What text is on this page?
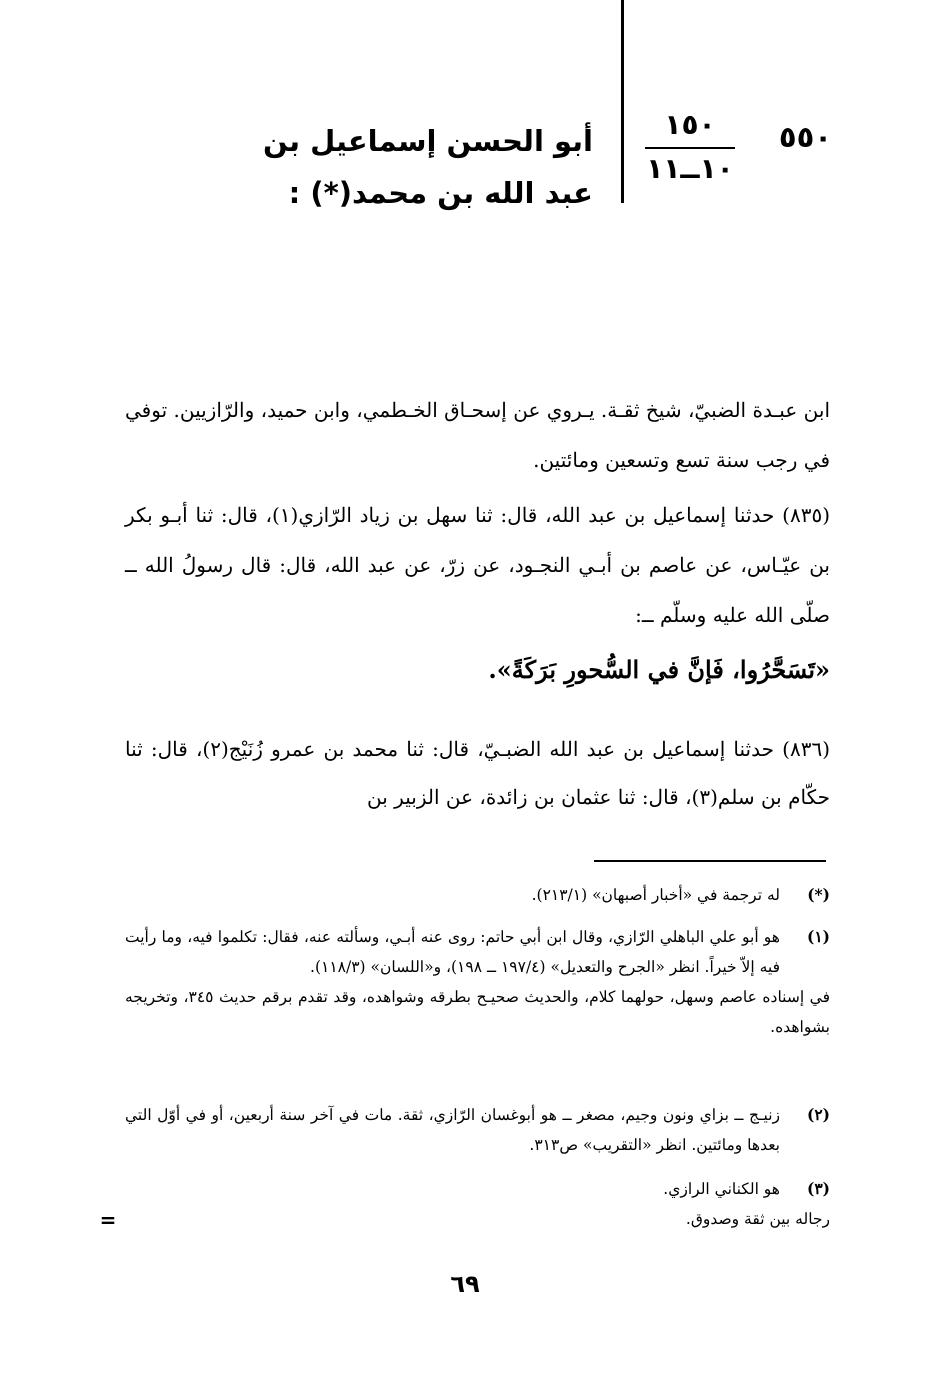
٥٥٠
١٥٠
١٠ــ١١
أبو الحسن إسماعيل بن عبد الله بن محمد(*) :
ابن عبـدة الضبيّ، شيخ ثقـة. يـروي عن إسحـاق الخـطمي، وابن حميد، والرّازيين. توفي في رجب سنة تسع وتسعين ومائتين.
(٨٣٥) حدثنا إسماعيل بن عبد الله، قال: ثنا سهل بن زياد الرّازي(١)، قال: ثنا أبـو بكر بن عيّـاس، عن عاصم بن أبـي النجـود، عن زرّ، عن عبد الله، قال: قال رسولُ الله ــ صلّى الله عليه وسلّم ــ:
«تَسَحَّرُوا، فَإنَّ في السُّحورِ بَرَكَةً».
(٨٣٦) حدثنا إسماعيل بن عبد الله الضبـيّ، قال: ثنا محمد بن عمرو زُنَيْج(٢)، قال: ثنا حكّام بن سلم(٣)، قال: ثنا عثمان بن زائدة، عن الزبير بن
(*)
له ترجمة في «أخبار أصبهان» (٢١٣/١).
(١)
هو أبو علي الباهلي الرّازي، وقال ابن أبي حاتم: روى عنه أبـي، وسألته عنه، فقال: تكلموا فيه، وما رأيت فيه إلاّ خيراً. انظر «الجرح والتعديل» (١٩٧/٤ ــ ١٩٨)، و«اللسان» (١١٨/٣).
في إسناده عاصم وسهل، حولهما كلام، والحديث صحيـح بطرقه وشواهده، وقد تقدم برقم حديث ٣٤٥، وتخريجه بشواهده.
(٢)
زنيـج ــ بزاي ونون وجيم، مصغر ــ هو أبوغسان الرّازي، ثقة. مات في آخر سنة أربعين، أو في أوّل التي بعدها ومائتين. انظر «التقريب» ص٣١٣.
(٣)
هو الكناني الرازي.
رجاله بين ثقة وصدوق.
=
٦٩
